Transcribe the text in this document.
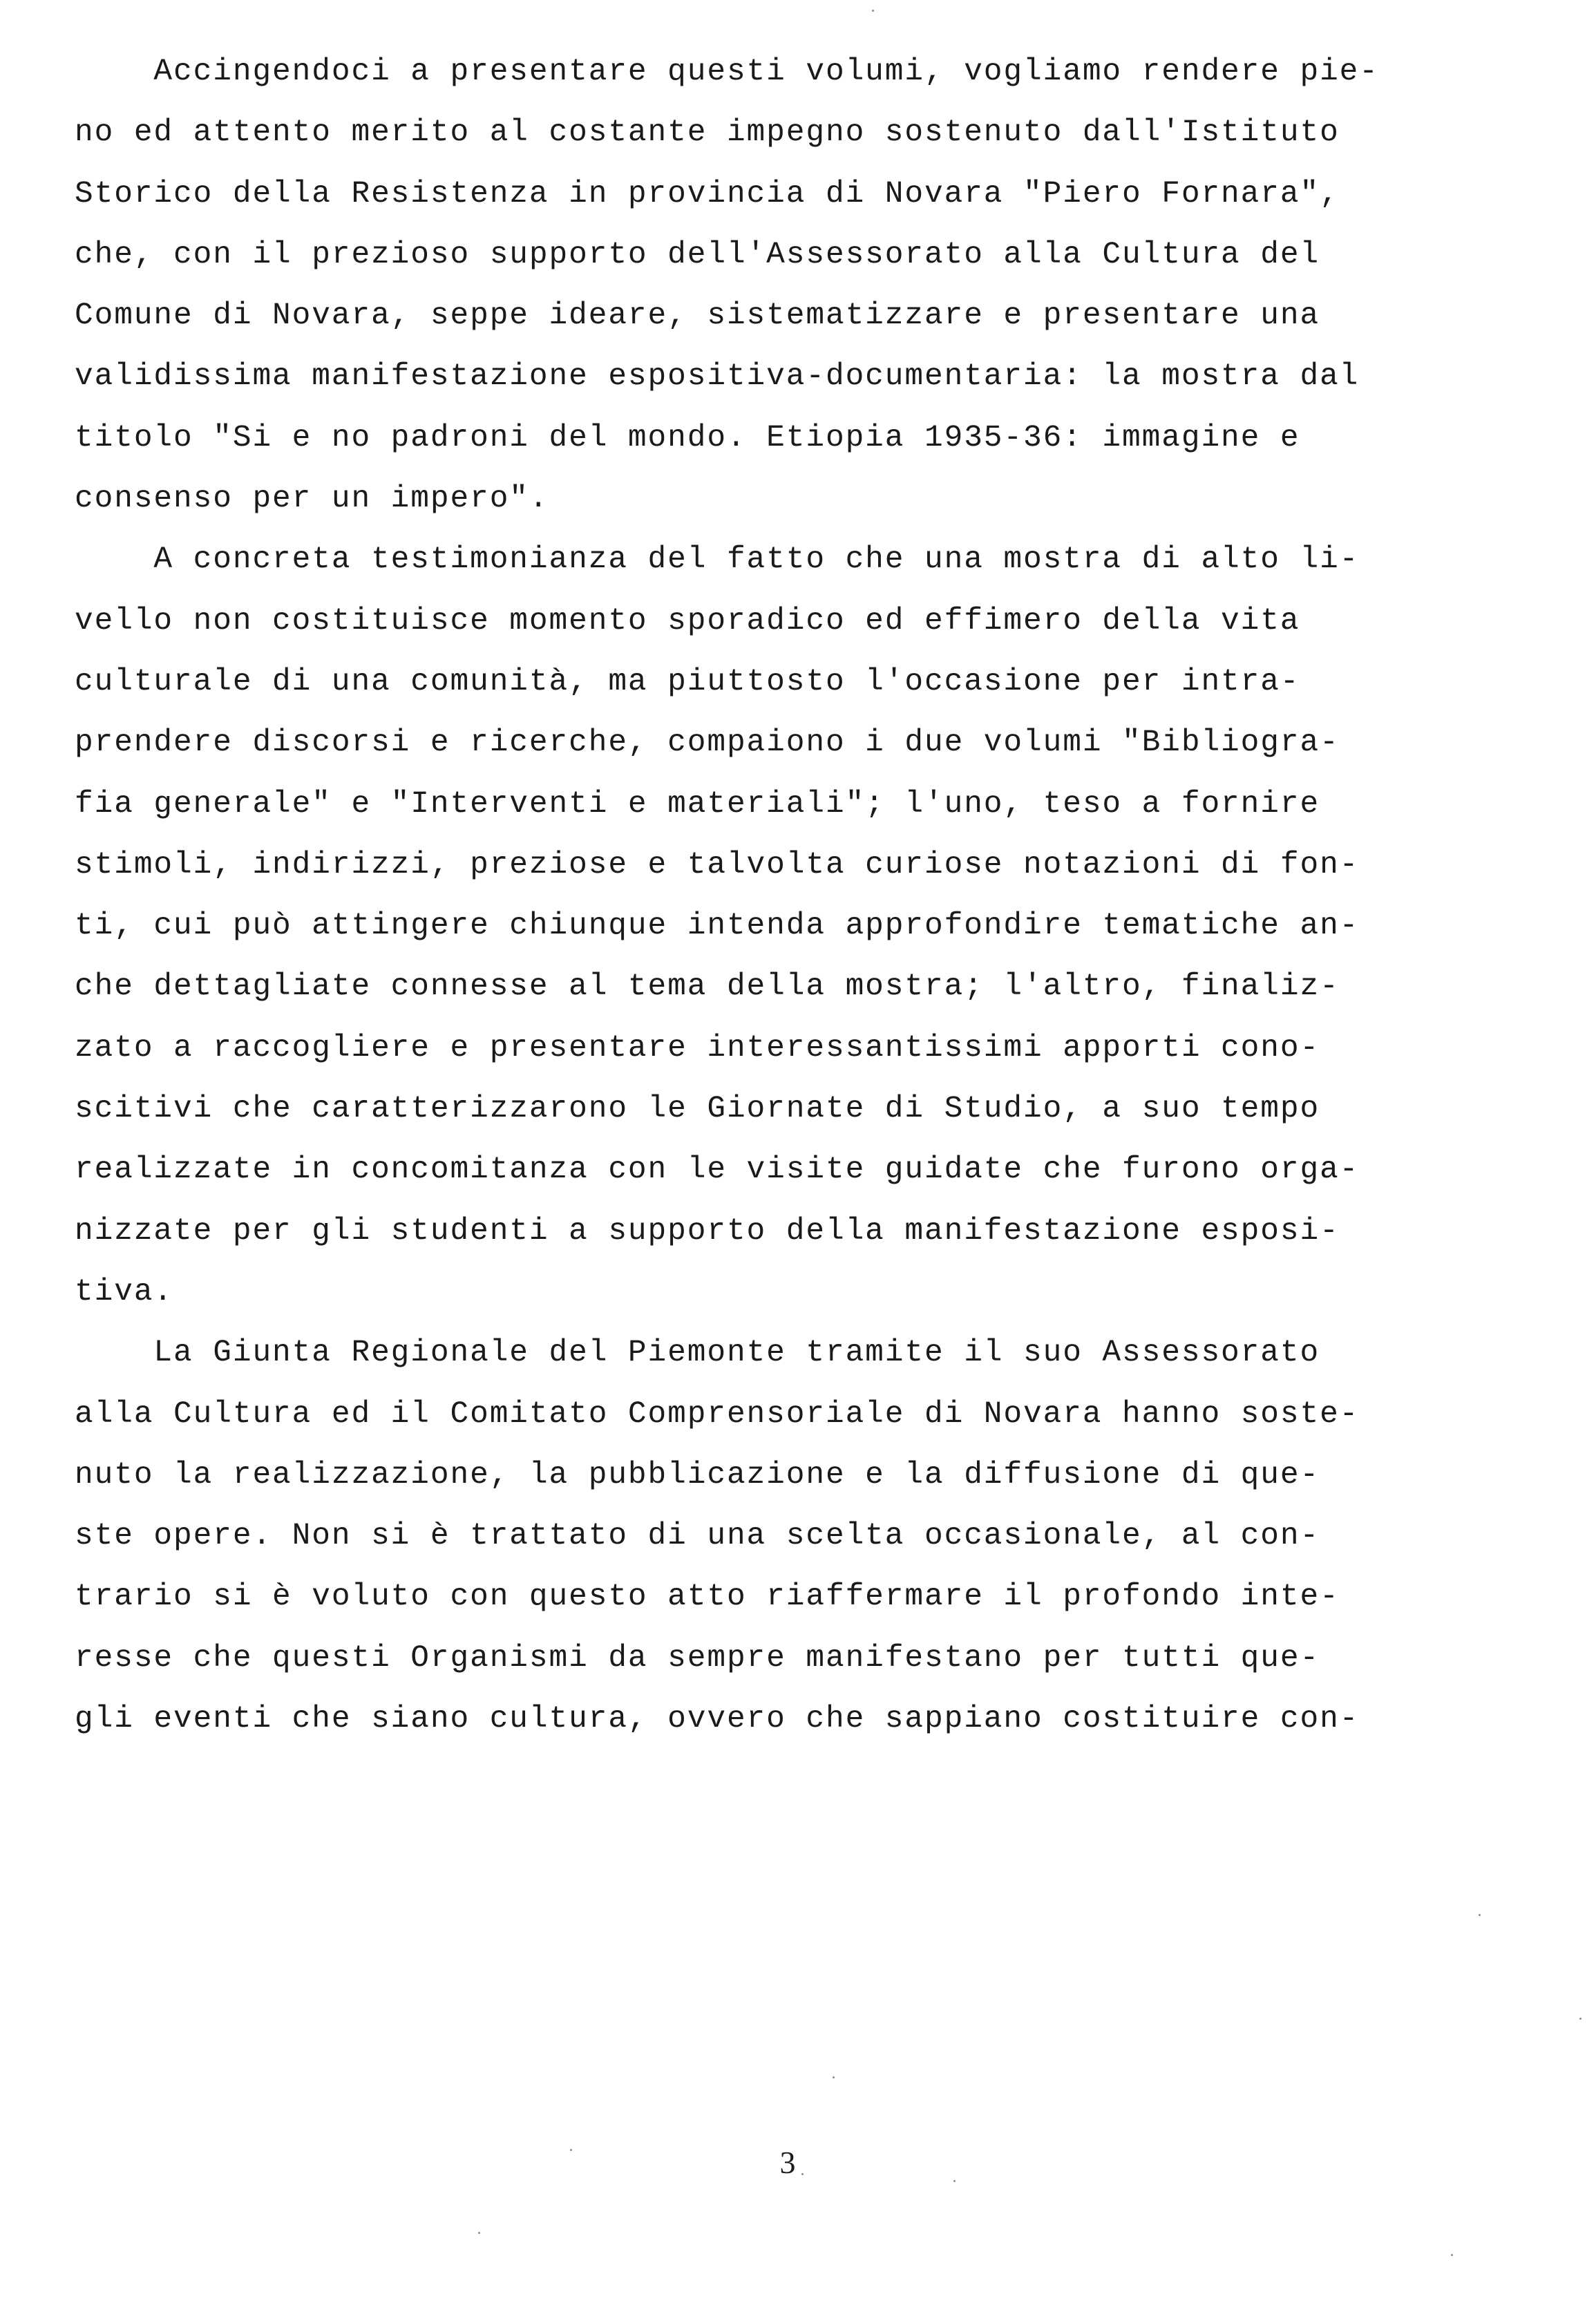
Accingendoci a presentare questi volumi, vogliamo rendere pie-
no ed attento merito al costante impegno sostenuto dall'Istituto
Storico della Resistenza in provincia di Novara "Piero Fornara",
che, con il prezioso supporto dell'Assessorato alla Cultura del
Comune di Novara, seppe ideare, sistematizzare e presentare una
validissima manifestazione espositiva-documentaria: la mostra dal
titolo "Si e no padroni del mondo. Etiopia 1935-36: immagine e
consenso per un impero".
A concreta testimonianza del fatto che una mostra di alto li-
vello non costituisce momento sporadico ed effimero della vita
culturale di una comunità, ma piuttosto l'occasione per intra-
prendere discorsi e ricerche, compaiono i due volumi "Bibliogra-
fia generale" e "Interventi e materiali"; l'uno, teso a fornire
stimoli, indirizzi, preziose e talvolta curiose notazioni di fon-
ti, cui può attingere chiunque intenda approfondire tematiche an-
che dettagliate connesse al tema della mostra; l'altro, finaliz-
zato a raccogliere e presentare interessantissimi apporti cono-
scitivi che caratterizzarono le Giornate di Studio, a suo tempo
realizzate in concomitanza con le visite guidate che furono orga-
nizzate per gli studenti a supporto della manifestazione esposi-
tiva.
La Giunta Regionale del Piemonte tramite il suo Assessorato
alla Cultura ed il Comitato Comprensoriale di Novara hanno soste-
nuto la realizzazione, la pubblicazione e la diffusione di que-
ste opere. Non si è trattato di una scelta occasionale, al con-
trario si è voluto con questo atto riaffermare il profondo inte-
resse che questi Organismi da sempre manifestano per tutti que-
gli eventi che siano cultura, ovvero che sappiano costituire con-
3
